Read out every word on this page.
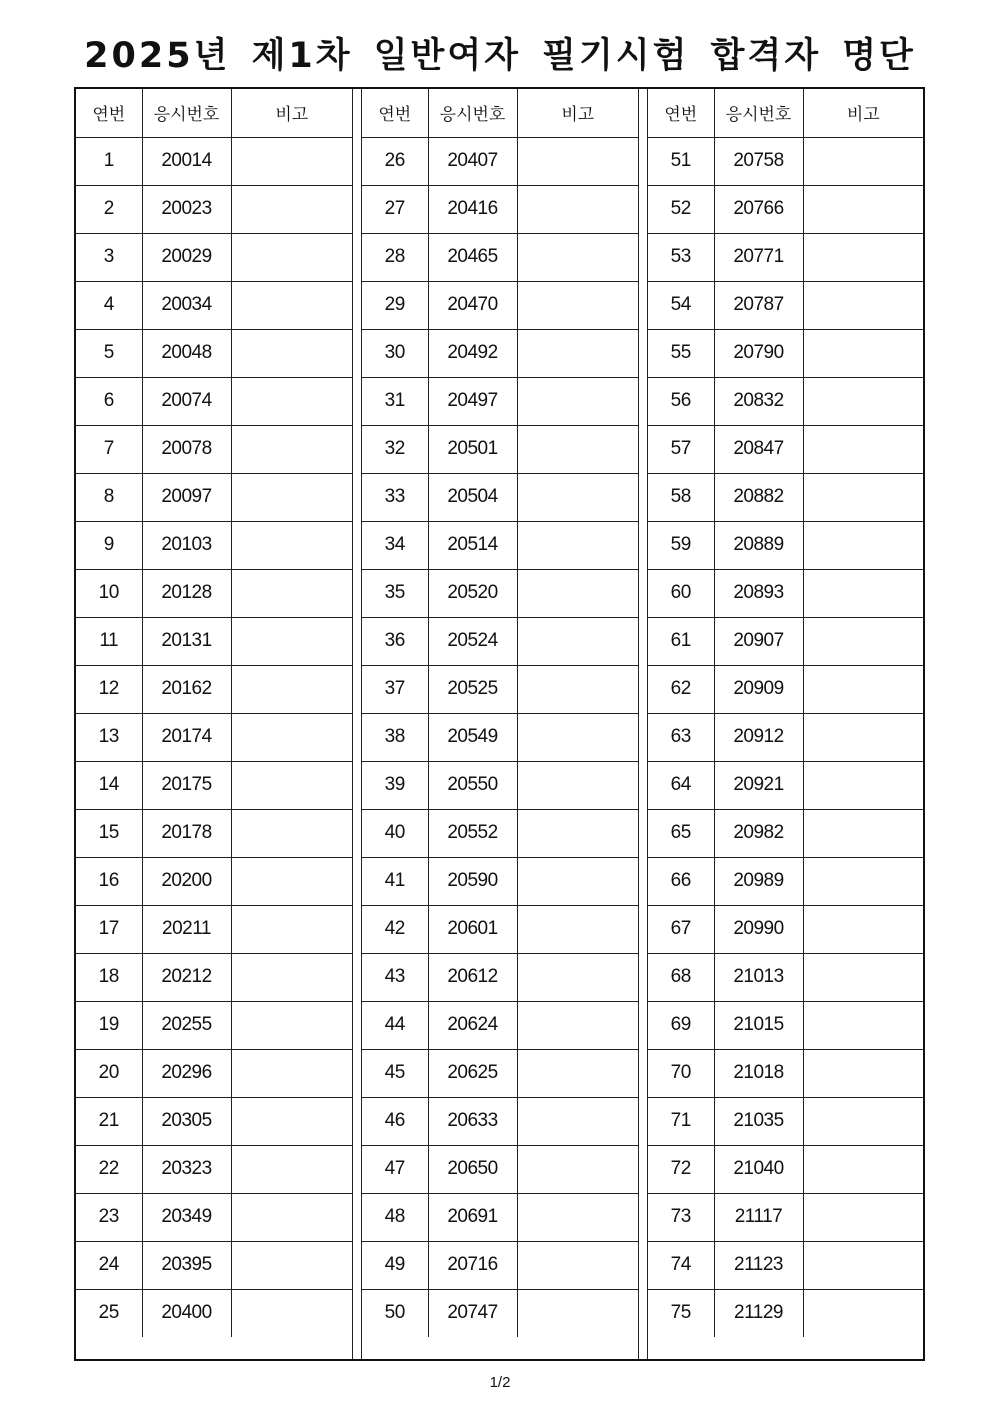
2025년 제1차 일반여자 필기시험 합격자 명단
연번	응시번호	비고
1	20014	
2	20023	
3	20029	
4	20034	
5	20048	
6	20074	
7	20078	
8	20097	
9	20103	
10	20128	
11	20131	
12	20162	
13	20174	
14	20175	
15	20178	
16	20200	
17	20211	
18	20212	
19	20255	
20	20296	
21	20305	
22	20323	
23	20349	
24	20395	
25	20400	
연번	응시번호	비고
26	20407	
27	20416	
28	20465	
29	20470	
30	20492	
31	20497	
32	20501	
33	20504	
34	20514	
35	20520	
36	20524	
37	20525	
38	20549	
39	20550	
40	20552	
41	20590	
42	20601	
43	20612	
44	20624	
45	20625	
46	20633	
47	20650	
48	20691	
49	20716	
50	20747	
연번	응시번호	비고
51	20758	
52	20766	
53	20771	
54	20787	
55	20790	
56	20832	
57	20847	
58	20882	
59	20889	
60	20893	
61	20907	
62	20909	
63	20912	
64	20921	
65	20982	
66	20989	
67	20990	
68	21013	
69	21015	
70	21018	
71	21035	
72	21040	
73	21117	
74	21123	
75	21129	
1/2
